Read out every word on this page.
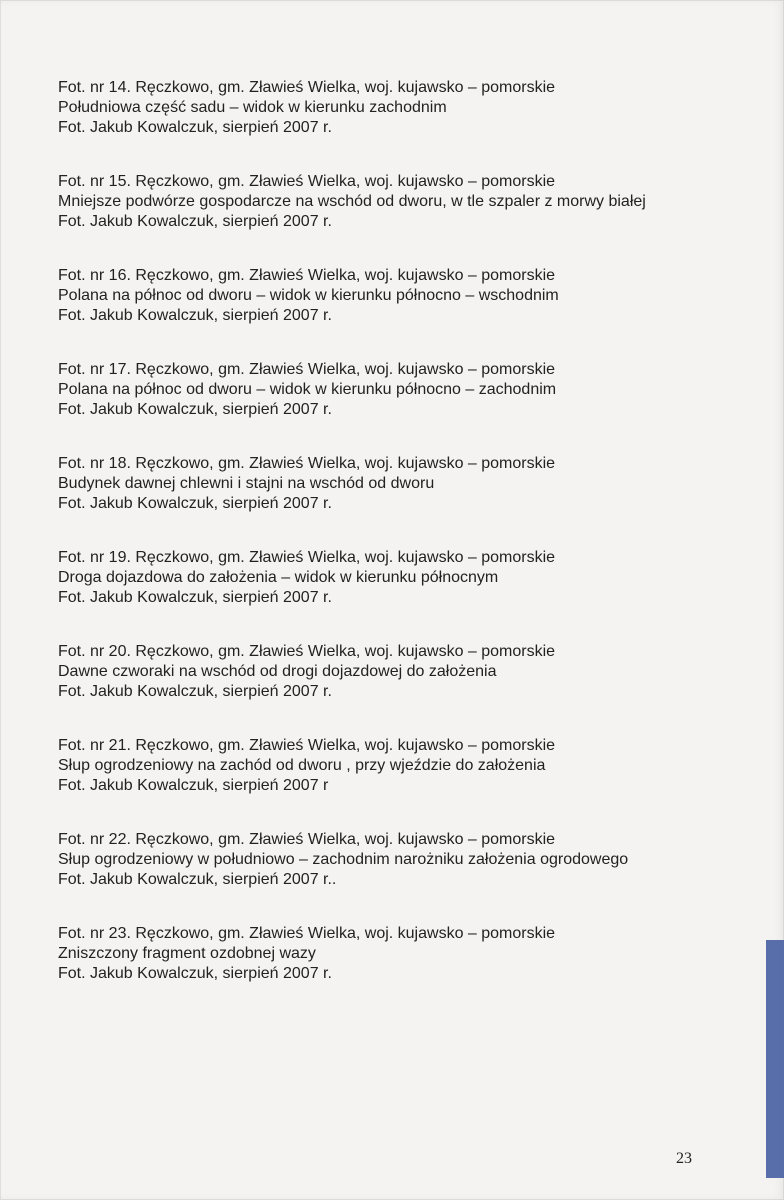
Fot. nr 14. Ręczkowo, gm. Zławieś Wielka, woj. kujawsko – pomorskie
Południowa część sadu – widok w kierunku zachodnim
Fot. Jakub Kowalczuk, sierpień 2007 r.
Fot. nr 15. Ręczkowo, gm. Zławieś Wielka, woj. kujawsko – pomorskie
Mniejsze podwórze gospodarcze na wschód od dworu, w tle szpaler z morwy białej
Fot. Jakub Kowalczuk, sierpień 2007 r.
Fot. nr 16. Ręczkowo, gm. Zławieś Wielka, woj. kujawsko – pomorskie
Polana na północ od dworu – widok w kierunku północno – wschodnim
Fot. Jakub Kowalczuk, sierpień 2007 r.
Fot. nr 17. Ręczkowo, gm. Zławieś Wielka, woj. kujawsko – pomorskie
Polana na północ od dworu – widok w kierunku północno – zachodnim
Fot. Jakub Kowalczuk, sierpień 2007 r.
Fot. nr 18. Ręczkowo, gm. Zławieś Wielka, woj. kujawsko – pomorskie
Budynek dawnej chlewni i stajni na wschód od dworu
Fot. Jakub Kowalczuk, sierpień 2007 r.
Fot. nr 19. Ręczkowo, gm. Zławieś Wielka, woj. kujawsko – pomorskie
Droga dojazdowa do założenia – widok w kierunku północnym
Fot. Jakub Kowalczuk, sierpień 2007 r.
Fot. nr 20. Ręczkowo, gm. Zławieś Wielka, woj. kujawsko – pomorskie
Dawne czworaki na wschód od drogi dojazdowej do założenia
Fot. Jakub Kowalczuk, sierpień 2007 r.
Fot. nr 21. Ręczkowo, gm. Zławieś Wielka, woj. kujawsko – pomorskie
Słup ogrodzeniowy na zachód od dworu , przy wjeździe do założenia
Fot. Jakub Kowalczuk, sierpień 2007 r
Fot. nr 22. Ręczkowo, gm. Zławieś Wielka, woj. kujawsko – pomorskie
Słup ogrodzeniowy w południowo – zachodnim narożniku założenia ogrodowego
Fot. Jakub Kowalczuk, sierpień 2007 r..
Fot. nr 23. Ręczkowo, gm. Zławieś Wielka, woj. kujawsko – pomorskie
Zniszczony fragment ozdobnej wazy
Fot. Jakub Kowalczuk, sierpień 2007 r.
23
